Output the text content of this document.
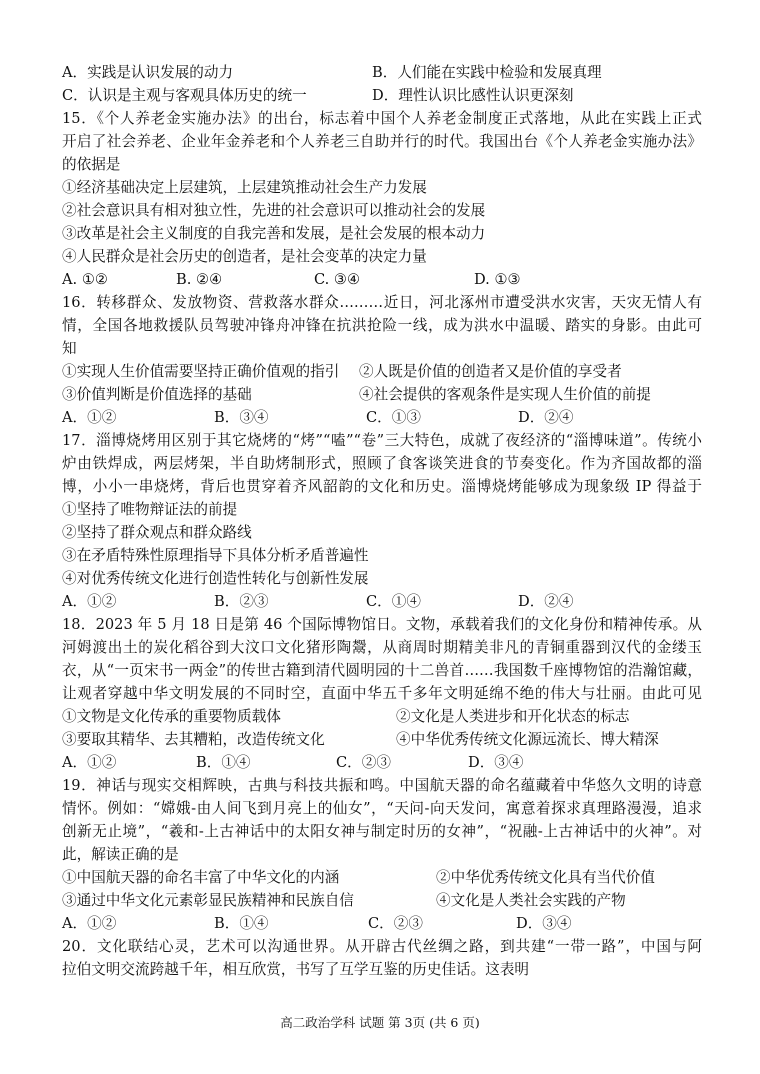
A．实践是认识发展的动力	B．人们能在实践中检验和发展真理
C．认识是主观与客观具体历史的统一	D．理性认识比感性认识更深刻
15．《个人养老金实施办法》的出台，标志着中国个人养老金制度正式落地，从此在实践上正式
开启了社会养老、企业年金养老和个人养老三自助并行的时代。我国出台《个人养老金实施办法》
的依据是
①经济基础决定上层建筑，上层建筑推动社会生产力发展
②社会意识具有相对独立性，先进的社会意识可以推动社会的发展
③改革是社会主义制度的自我完善和发展，是社会发展的根本动力
④人民群众是社会历史的创造者，是社会变革的决定力量
A. ①②	B. ②④	C. ③④	D. ①③
16．转移群众、发放物资、营救落水群众………近日，河北涿州市遭受洪水灾害，天灾无情人有
情，全国各地救援队员驾驶冲锋舟冲锋在抗洪抢险一线，成为洪水中温暖、踏实的身影。由此可
知
①实现人生价值需要坚持正确价值观的指引 ②人既是价值的创造者又是价值的享受者
③价值判断是价值选择的基础	④社会提供的客观条件是实现人生价值的前提
A．①②	B．③④	C．①③	D．②④
17．淄博烧烤用区别于其它烧烤的“烤”“嗑”“卷”三大特色，成就了夜经济的“淄博味道”。传统小
炉由铁焊成，两层烤架，半自助烤制形式，照顾了食客谈笑进食的节奏变化。作为齐国故都的淄
博，小小一串烧烤，背后也贯穿着齐风韶韵的文化和历史。淄博烧烤能够成为现象级 IP 得益于
①坚持了唯物辩证法的前提
②坚持了群众观点和群众路线
③在矛盾特殊性原理指导下具体分析矛盾普遍性
④对优秀传统文化进行创造性转化与创新性发展
A．①②	B．②③	C．①④	D．②④
18．2023 年 5 月 18 日是第 46 个国际博物馆日。文物，承载着我们的文化身份和精神传承。从
河姆渡出土的炭化稻谷到大汶口文化猪形陶鬶，从商周时期精美非凡的青铜重器到汉代的金缕玉
衣，从“一页宋书一两金”的传世古籍到清代圆明园的十二兽首……我国数千座博物馆的浩瀚馆藏，
让观者穿越中华文明发展的不同时空，直面中华五千多年文明延绵不绝的伟大与壮丽。由此可见
①文物是文化传承的重要物质载体	②文化是人类进步和开化状态的标志
③要取其精华、去其糟粕，改造传统文化	④中华优秀传统文化源远流长、博大精深
A．①②	B．①④	C．②③	D．③④
19．神话与现实交相辉映，古典与科技共振和鸣。中国航天器的命名蕴藏着中华悠久文明的诗意
情怀。例如：“嫦娥-由人间飞到月亮上的仙女”，“天问-向天发问，寓意着探求真理路漫漫，追求
创新无止境”，“羲和-上古神话中的太阳女神与制定时历的女神”，“祝融-上古神话中的火神”。对
此，解读正确的是
①中国航天器的命名丰富了中华文化的内涵	②中华优秀传统文化具有当代价值
③通过中华文化元素彰显民族精神和民族自信	④文化是人类社会实践的产物
A．①②	B．①④	C．②③	D．③④
20．文化联结心灵，艺术可以沟通世界。从开辟古代丝绸之路，到共建“一带一路”，中国与阿
拉伯文明交流跨越千年，相互欣赏，书写了互学互鉴的历史佳话。这表明
高二政治学科 试题 第 3页 (共 6 页)
